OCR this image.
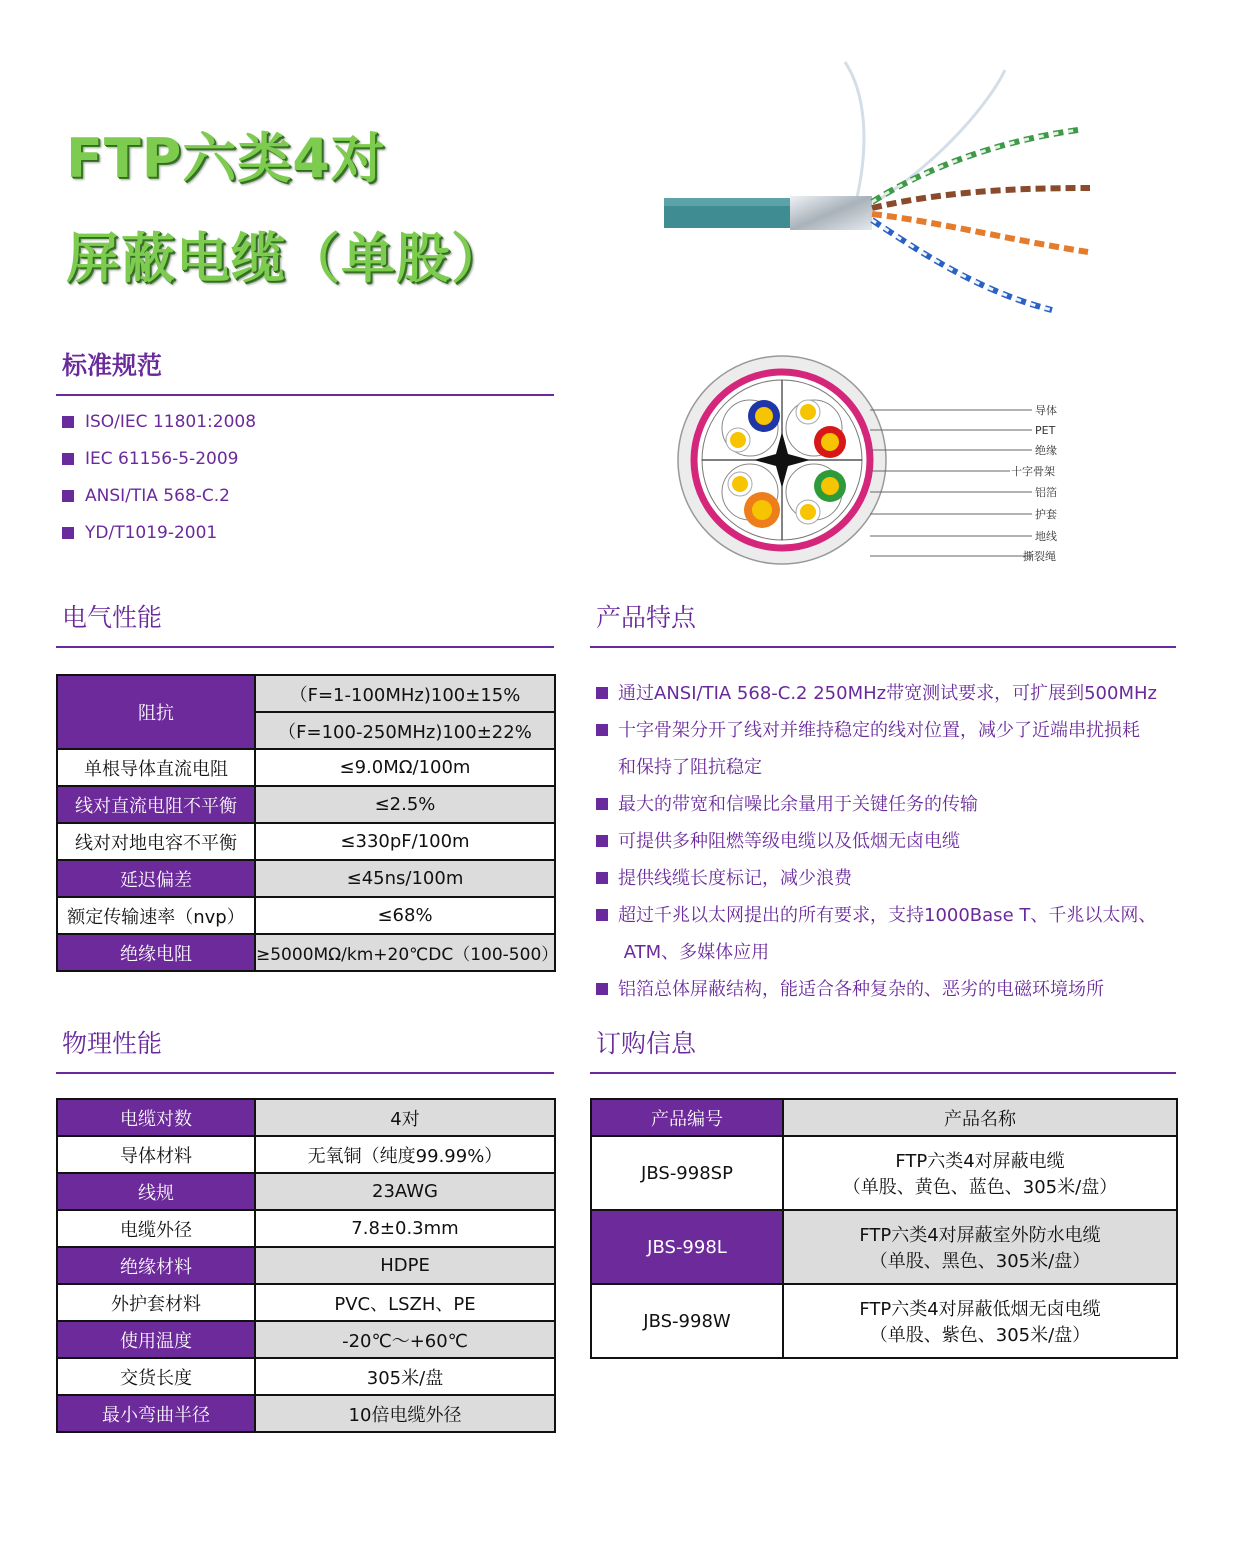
FTP六类4对
屏蔽电缆（单股）
导体
PET
绝缘
十字骨架
铝箔
护套
地线
撕裂绳
标准规范
ISO/IEC 11801:2008
IEC 61156-5-2009
ANSI/TIA 568-C.2
YD/T1019-2001
电气性能	产品特点
阻抗	（F=1-100MHz)100±15%
	（F=100-250MHz)100±22%
单根导体直流电阻	≤9.0MΩ/100m
线对直流电阻不平衡	≤2.5%
线对对地电容不平衡	≤330pF/100m
延迟偏差	≤45ns/100m
额定传输速率（nvp）	≤68%
绝缘电阻	≥5000MΩ/km+20℃DC（100-500）
通过ANSI/TIA 568-C.2 250MHz带宽测试要求，可扩展到500MHz
十字骨架分开了线对并维持稳定的线对位置，减少了近端串扰损耗
和保持了阻抗稳定
最大的带宽和信噪比余量用于关键任务的传输
可提供多种阻燃等级电缆以及低烟无卤电缆
提供线缆长度标记，减少浪费
超过千兆以太网提出的所有要求，支持1000Base T、千兆以太网、
ATM、多媒体应用
铝箔总体屏蔽结构，能适合各种复杂的、恶劣的电磁环境场所
物理性能	订购信息
电缆对数	4对
导体材料	无氧铜（纯度99.99%）
线规	23AWG
电缆外径	7.8±0.3mm
绝缘材料	HDPE
外护套材料	PVC、LSZH、PE
使用温度	-20℃～+60℃
交货长度	305米/盘
最小弯曲半径	10倍电缆外径
产品编号	产品名称
JBS-998SP	FTP六类4对屏蔽电缆
（单股、黄色、蓝色、305米/盘）
JBS-998L	FTP六类4对屏蔽室外防水电缆
（单股、黑色、305米/盘）
JBS-998W	FTP六类4对屏蔽低烟无卤电缆
（单股、紫色、305米/盘）
